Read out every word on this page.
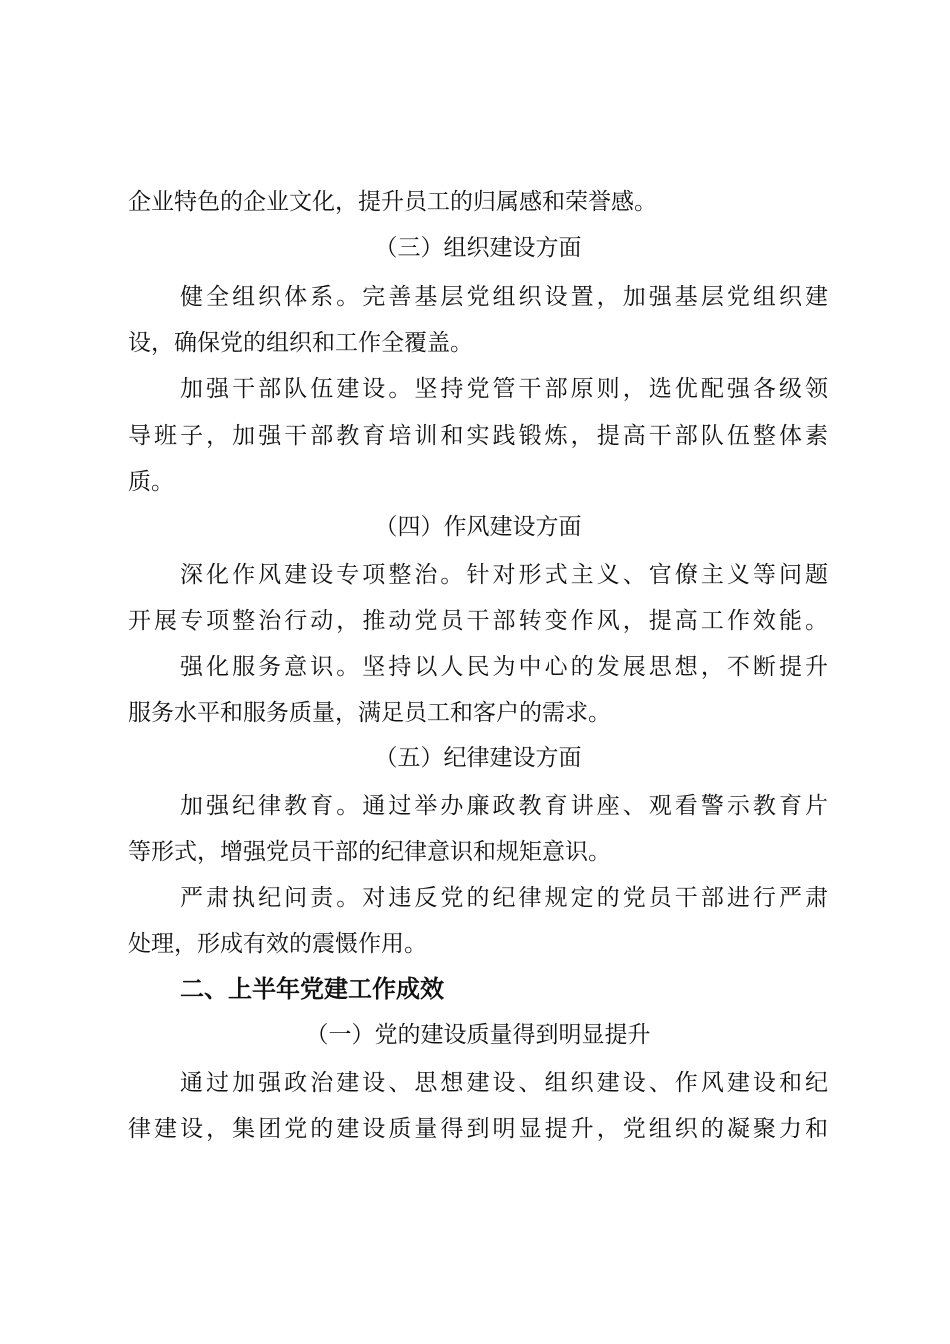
企业特色的企业文化，提升员工的归属感和荣誉感。
（三）组织建设方面
健全组织体系。完善基层党组织设置，加强基层党组织建
设，确保党的组织和工作全覆盖。
加强干部队伍建设。坚持党管干部原则，选优配强各级领
导班子，加强干部教育培训和实践锻炼，提高干部队伍整体素
质。
（四）作风建设方面
深化作风建设专项整治。针对形式主义、官僚主义等问题
开展专项整治行动，推动党员干部转变作风，提高工作效能。
强化服务意识。坚持以人民为中心的发展思想，不断提升
服务水平和服务质量，满足员工和客户的需求。
（五）纪律建设方面
加强纪律教育。通过举办廉政教育讲座、观看警示教育片
等形式，增强党员干部的纪律意识和规矩意识。
严肃执纪问责。对违反党的纪律规定的党员干部进行严肃
处理，形成有效的震慑作用。
二、上半年党建工作成效
（一）党的建设质量得到明显提升
通过加强政治建设、思想建设、组织建设、作风建设和纪
律建设，集团党的建设质量得到明显提升，党组织的凝聚力和
